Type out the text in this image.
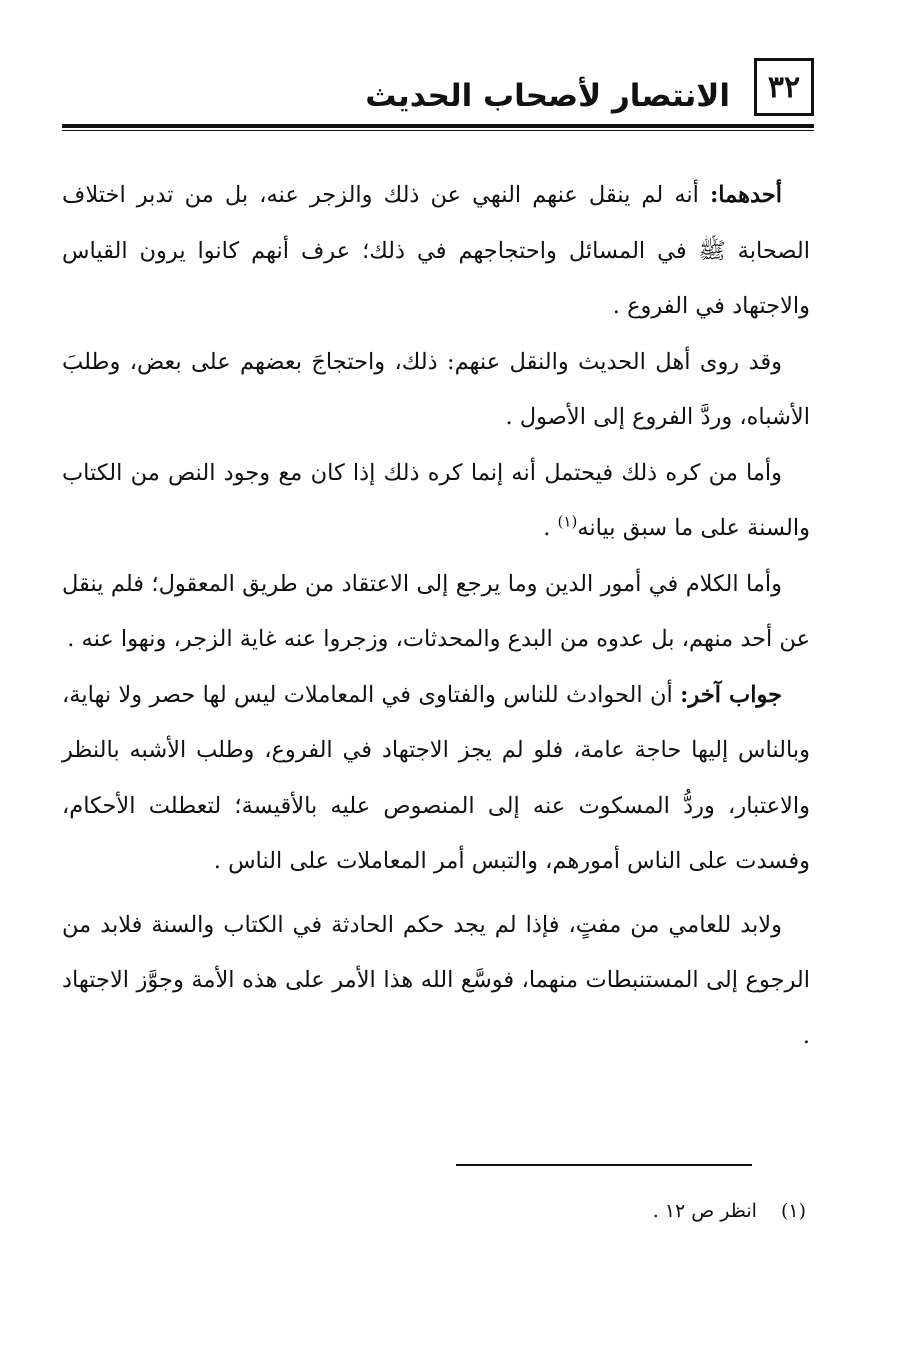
٣٢
الانتصار لأصحاب الحديث

أحدهما: أنه لم ينقل عنهم النهي عن ذلك والزجر عنه، بل من تدبر اختلاف الصحابة ﷺ في المسائل واحتجاجهم في ذلك؛ عرف أنهم كانوا يرون القياس والاجتهاد في الفروع .

وقد روى أهل الحديث والنقل عنهم: ذلك، واحتجاجَ بعضهم على بعض، وطلبَ الأشباه، وردَّ الفروع إلى الأصول .

وأما من كره ذلك فيحتمل أنه إنما كره ذلك إذا كان مع وجود النص من الكتاب والسنة على ما سبق بيانه$^{(١)}$ .

وأما الكلام في أمور الدين وما يرجع إلى الاعتقاد من طريق المعقول؛ فلم ينقل عن أحد منهم، بل عدوه من البدع والمحدثات، وزجروا عنه غاية الزجر، ونهوا عنه .

جواب آخر: أن الحوادث للناس والفتاوى في المعاملات ليس لها حصر ولا نهاية، وبالناس إليها حاجة عامة، فلو لم يجز الاجتهاد في الفروع، وطلب الأشبه بالنظر والاعتبار، وردُّ المسكوت عنه إلى المنصوص عليه بالأقيسة؛ لتعطلت الأحكام، وفسدت على الناس أمورهم، والتبس أمر المعاملات على الناس .

ولابد للعامي من مفتٍ، فإذا لم يجد حكم الحادثة في الكتاب والسنة فلابد من الرجوع إلى المستنبطات منهما، فوسَّع الله هذا الأمر على هذه الأمة وجوَّز الاجتهاد .

(١)انظر ص ١٢ .
